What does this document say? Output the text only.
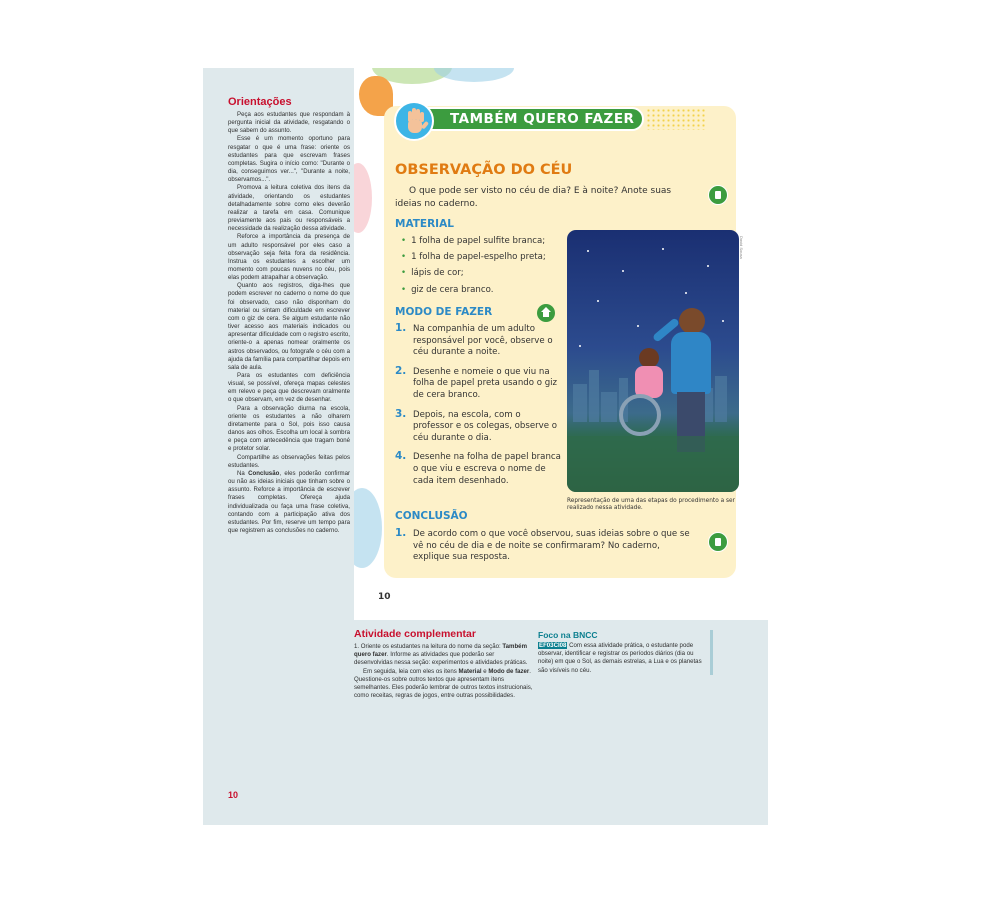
Orientações

Peça aos estudantes que respondam à pergunta inicial da atividade, resgatando o que sabem do assunto.

Esse é um momento oportuno para resgatar o que é uma frase: oriente os estudantes para que escrevam frases completas. Sugira o início como: "Durante o dia, conseguimos ver...", "Durante a noite, observamos...".

Promova a leitura coletiva dos itens da atividade, orientando os estudantes detalhadamente sobre como eles deverão realizar a tarefa em casa. Comunique previamente aos pais ou responsáveis a necessidade da realização dessa atividade.

Reforce a importância da presença de um adulto responsável por eles caso a observação seja feita fora da residência. Instrua os estudantes a escolher um momento com poucas nuvens no céu, pois elas podem atrapalhar a observação.

Quanto aos registros, diga-lhes que podem escrever no caderno o nome do que foi observado, caso não disponham do material ou sintam dificuldade em escrever com o giz de cera. Se algum estudante não tiver acesso aos materiais indicados ou apresentar dificuldade com o registro escrito, oriente-o a apenas nomear oralmente os astros observados, ou fotografe o céu com a ajuda da família para compartilhar depois em sala de aula.

Para os estudantes com deficiência visual, se possível, ofereça mapas celestes em relevo e peça que descrevam oralmente o que observam, em vez de desenhar.

Para a observação diurna na escola, oriente os estudantes a não olharem diretamente para o Sol, pois isso causa danos aos olhos. Escolha um local à sombra e peça com antecedência que tragam boné e protetor solar.

Compartilhe as observações feitas pelos estudantes.

Na Conclusão, eles poderão confirmar ou não as ideias iniciais que tinham sobre o assunto. Reforce a importância de escrever frases completas. Ofereça ajuda individualizada ou faça uma frase coletiva, contando com a participação ativa dos estudantes. Por fim, reserve um tempo para que registrem as conclusões no caderno.

TAMBÉM QUERO FAZER
OBSERVAÇÃO DO CÉU
O que pode ser visto no céu de dia? E à noite? Anote suas ideias no caderno.
MATERIAL
• 1 folha de papel sulfite branca;
• 1 folha de papel-espelho preta;
• lápis de cor;
• giz de cera branco.
MODO DE FAZER
1. Na companhia de um adulto responsável por você, observe o céu durante a noite.
2. Desenhe e nomeie o que viu na folha de papel preta usando o giz de cera branco.
3. Depois, na escola, com o professor e os colegas, observe o céu durante o dia.
4. Desenhe na folha de papel branca o que viu e escreva o nome de cada item desenhado.
David Sousa
Representação de uma das etapas do procedimento a ser realizado nessa atividade.
CONCLUSÃO
1. De acordo com o que você observou, suas ideias sobre o que se vê no céu de dia e de noite se confirmaram? No caderno, explique sua resposta.
10
Atividade complementar

1. Oriente os estudantes na leitura do nome da seção: Também quero fazer. Informe as atividades que poderão ser desenvolvidas nessa seção: experimentos e atividades práticas.

Em seguida, leia com eles os itens Material e Modo de fazer. Questione-os sobre outros textos que apresentam itens semelhantes. Eles poderão lembrar de outros textos instrucionais, como receitas, regras de jogos, entre outras possibilidades.

Foco na BNCC
EF03CI08 Com essa atividade prática, o estudante pode observar, identificar e registrar os períodos diários (dia ou noite) em que o Sol, as demais estrelas, a Lua e os planetas são visíveis no céu.
10
